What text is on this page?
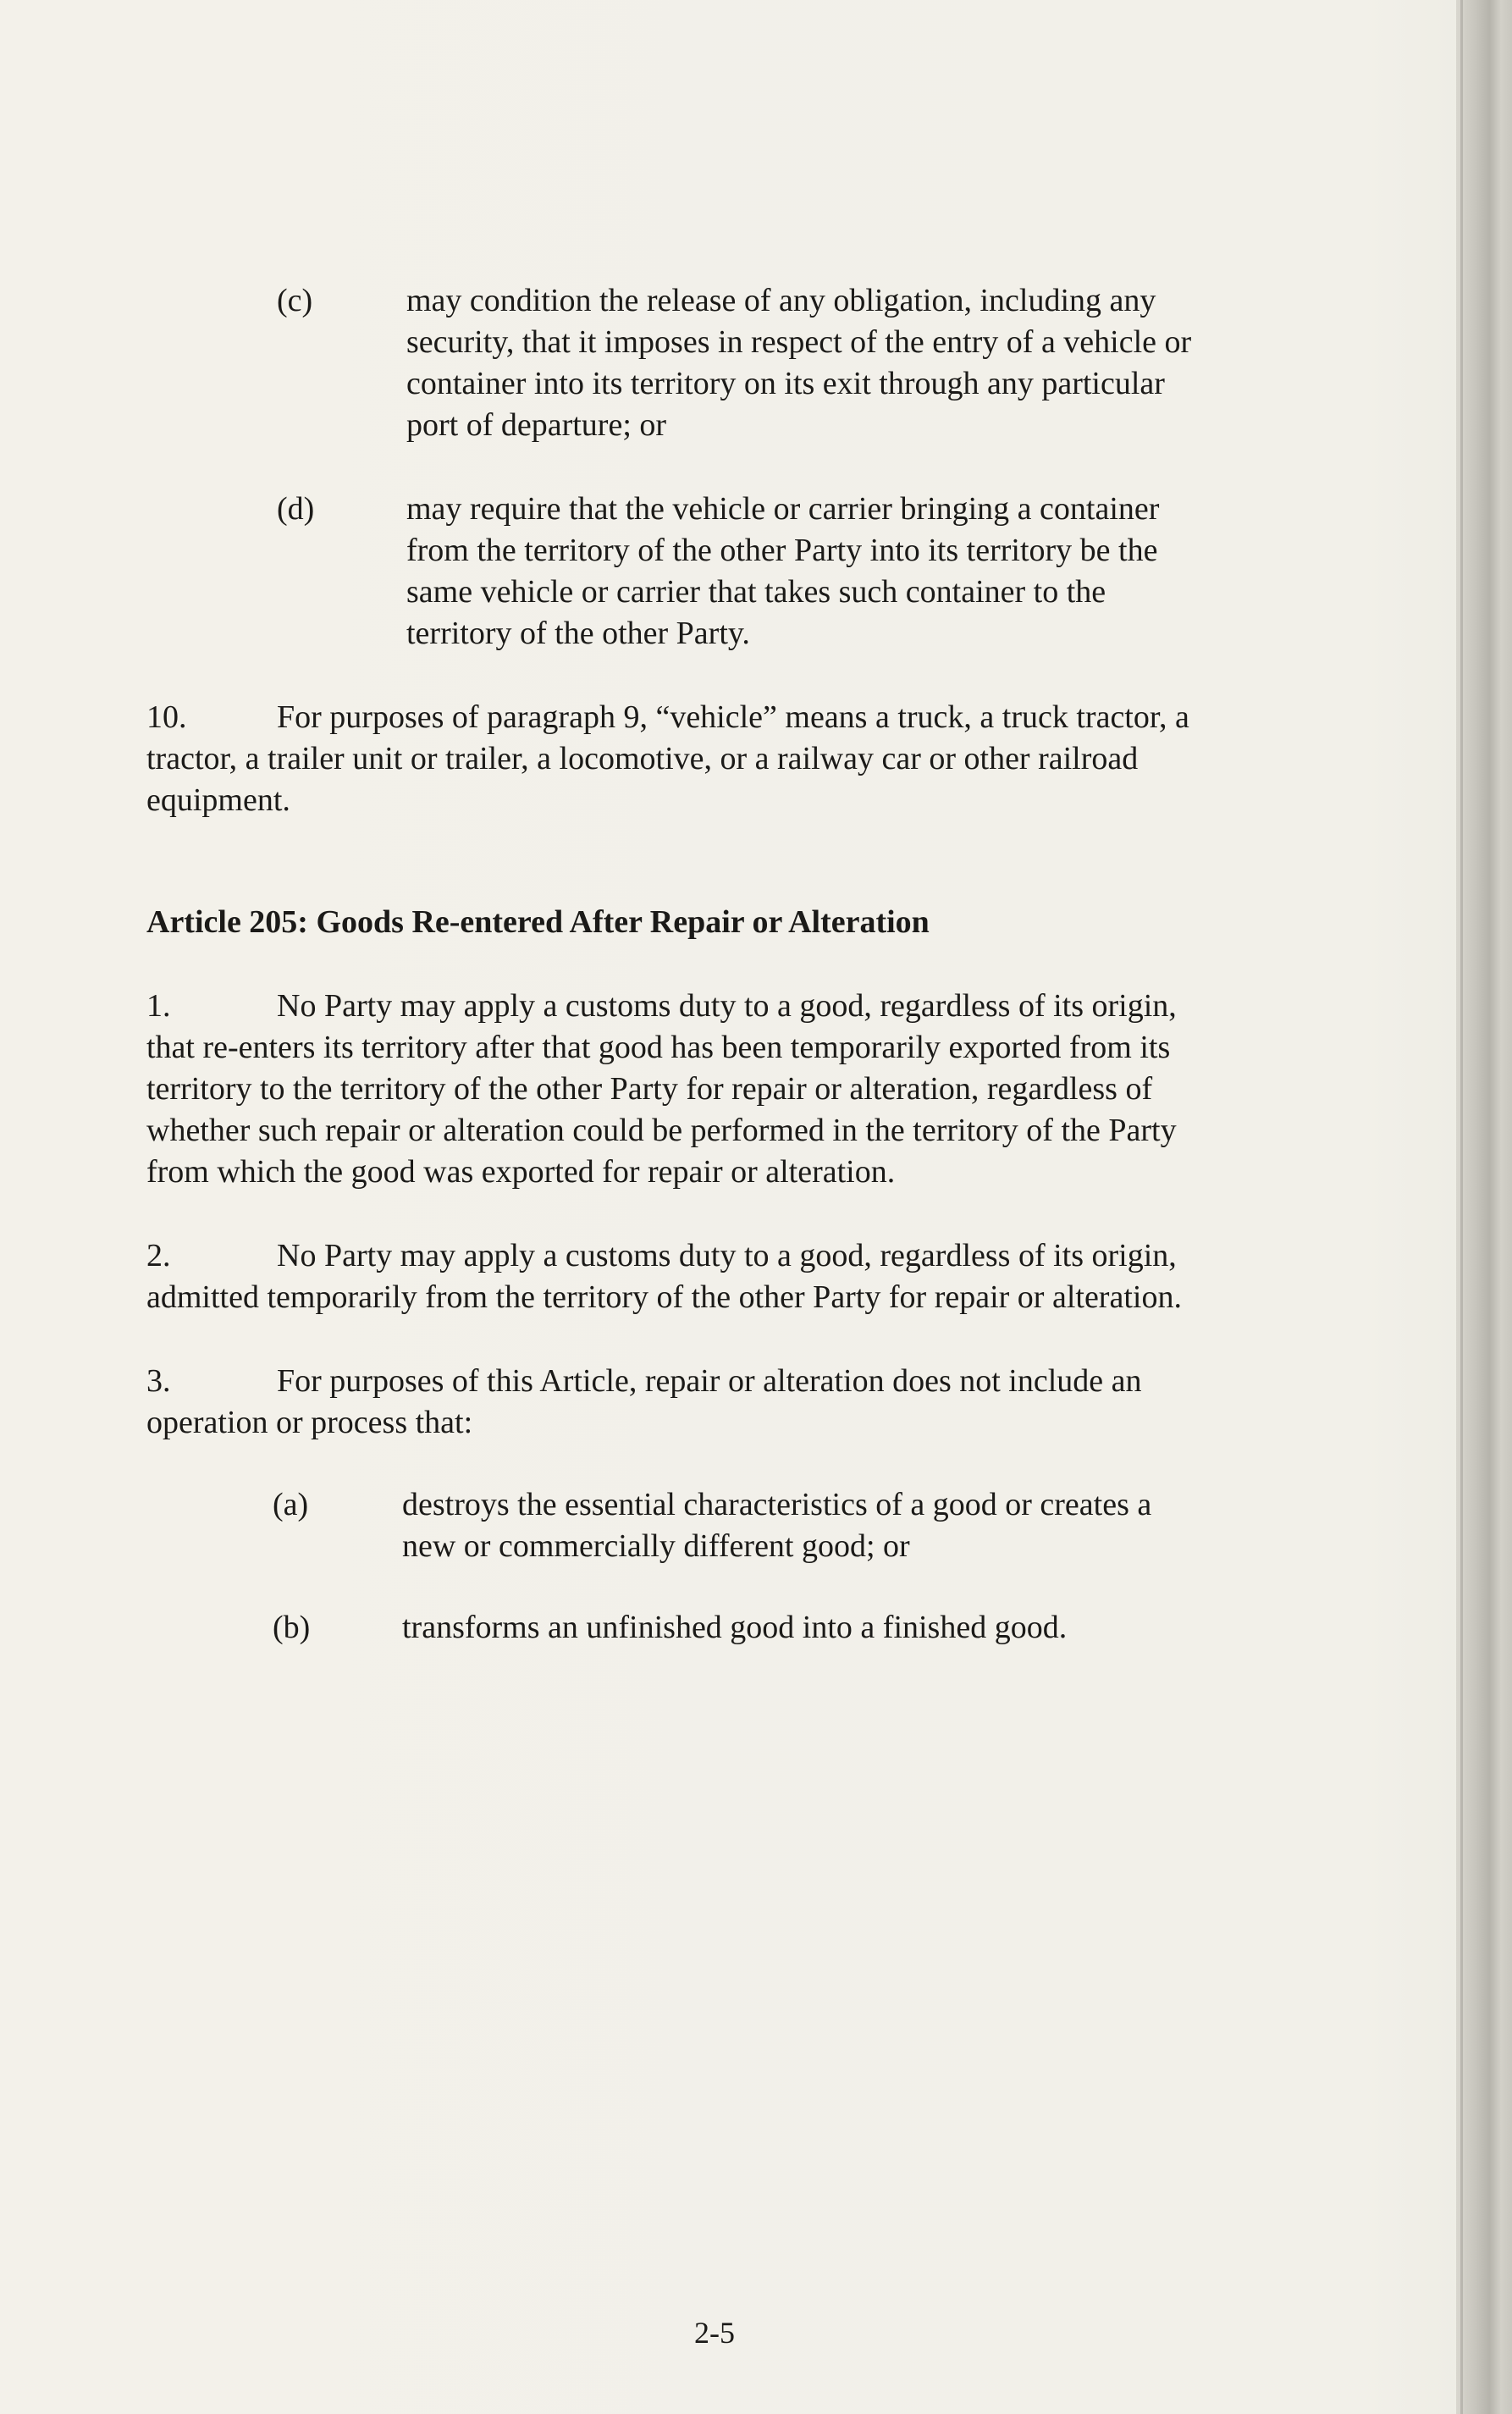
(c)	may condition the release of any obligation, including any
security, that it imposes in respect of the entry of a vehicle or
container into its territory on its exit through any particular
port of departure; or
(d)	may require that the vehicle or carrier bringing a container
from the territory of the other Party into its territory be the
same vehicle or carrier that takes such container to the
territory of the other Party.
10.	For purposes of paragraph 9, “vehicle” means a truck, a truck tractor, a
tractor, a trailer unit or trailer, a locomotive, or a railway car or other railroad
equipment.
Article 205: Goods Re-entered After Repair or Alteration
1.	No Party may apply a customs duty to a good, regardless of its origin,
that re-enters its territory after that good has been temporarily exported from its
territory to the territory of the other Party for repair or alteration, regardless of
whether such repair or alteration could be performed in the territory of the Party
from which the good was exported for repair or alteration.
2.	No Party may apply a customs duty to a good, regardless of its origin,
admitted temporarily from the territory of the other Party for repair or alteration.
3.	For purposes of this Article, repair or alteration does not include an
operation or process that:
(a)	destroys the essential characteristics of a good or creates a
new or commercially different good; or
(b)	transforms an unfinished good into a finished good.
2-5
